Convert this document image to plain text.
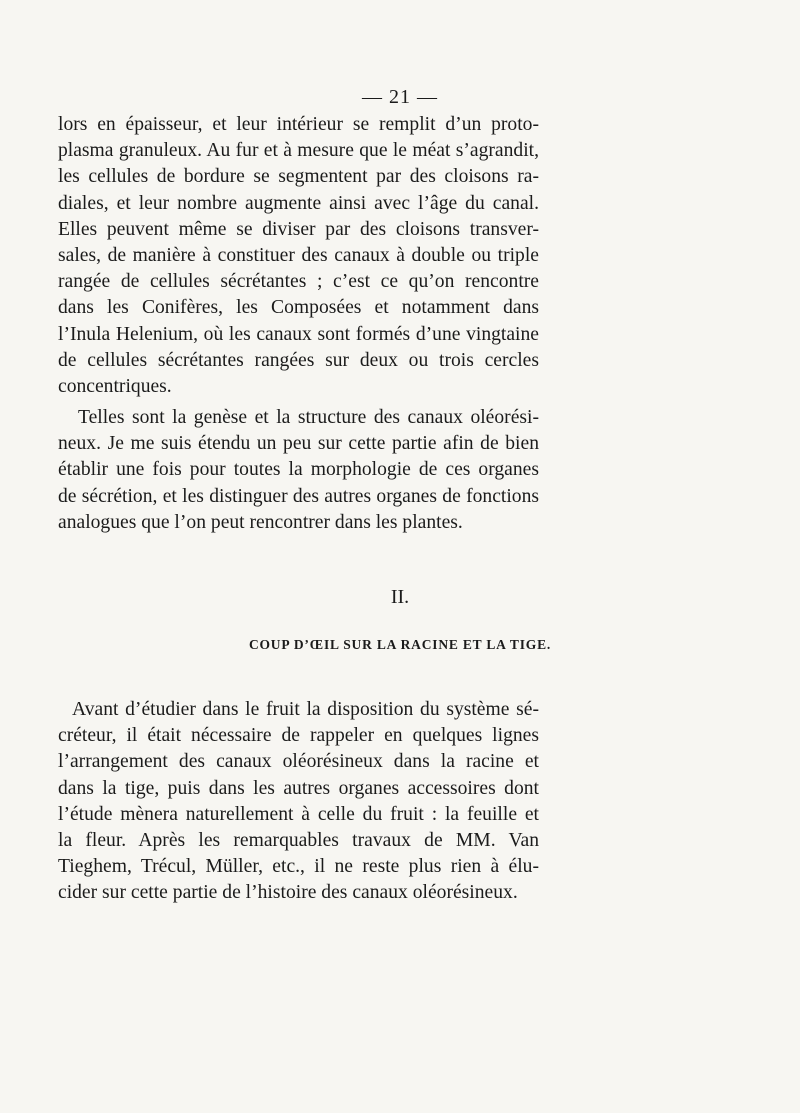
— 21 —
lors en épaisseur, et leur intérieur se remplit d’un proto-
plasma granuleux. Au fur et à mesure que le méat s’agrandit,
les cellules de bordure se segmentent par des cloisons ra-
diales, et leur nombre augmente ainsi avec l’âge du canal.
Elles peuvent même se diviser par des cloisons transver-
sales, de manière à constituer des canaux à double ou triple
rangée de cellules sécrétantes ; c’est ce qu’on rencontre
dans les Conifères, les Composées et notamment dans
l’Inula Helenium, où les canaux sont formés d’une vingtaine
de cellules sécrétantes rangées sur deux ou trois cercles
concentriques.
Telles sont la genèse et la structure des canaux oléorési-
neux. Je me suis étendu un peu sur cette partie afin de bien
établir une fois pour toutes la morphologie de ces organes
de sécrétion, et les distinguer des autres organes de fonctions
analogues que l’on peut rencontrer dans les plantes.
II.
COUP D’ŒIL SUR LA RACINE ET LA TIGE.
Avant d’étudier dans le fruit la disposition du système sé-
créteur, il était nécessaire de rappeler en quelques lignes
l’arrangement des canaux oléorésineux dans la racine et
dans la tige, puis dans les autres organes accessoires dont
l’étude mènera naturellement à celle du fruit : la feuille et
la fleur. Après les remarquables travaux de MM. Van
Tieghem, Trécul, Müller, etc., il ne reste plus rien à élu-
cider sur cette partie de l’histoire des canaux oléorésineux.
